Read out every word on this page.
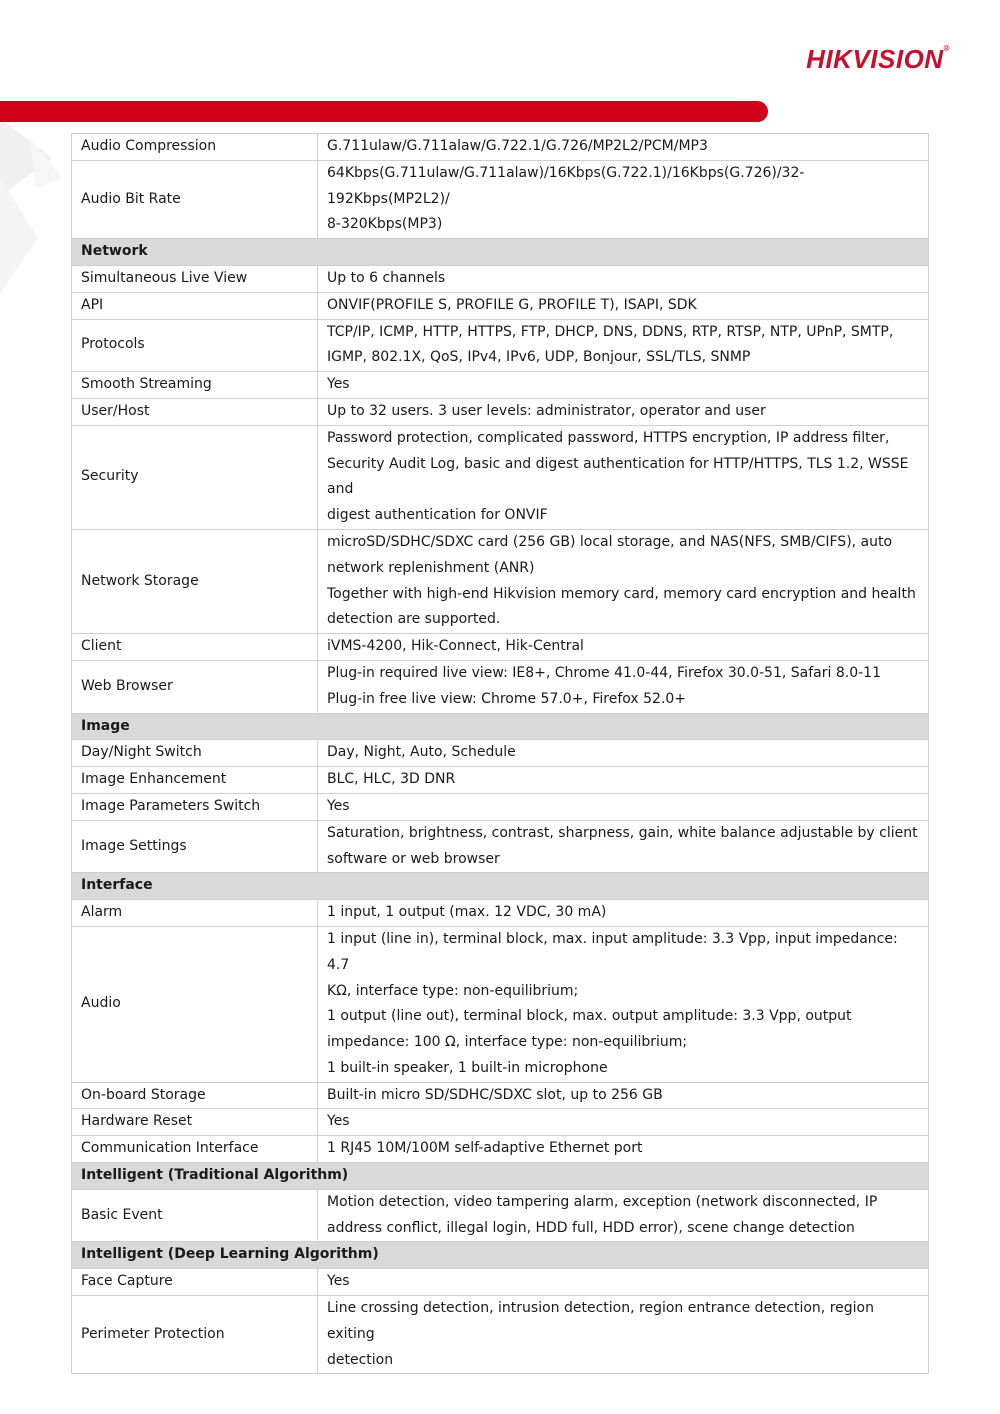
HIKVISION®
Audio Compression	G.711ulaw/G.711alaw/G.722.1/G.726/MP2L2/PCM/MP3

Audio Bit Rate	64Kbps(G.711ulaw/G.711alaw)/16Kbps(G.722.1)/16Kbps(G.726)/32-192Kbps(MP2L2)/
8-320Kbps(MP3)

Network	
Simultaneous Live View	Up to 6 channels

API	ONVIF(PROFILE S, PROFILE G, PROFILE T), ISAPI, SDK

Protocols	TCP/IP, ICMP, HTTP, HTTPS, FTP, DHCP, DNS, DDNS, RTP, RTSP, NTP, UPnP, SMTP,
IGMP, 802.1X, QoS, IPv4, IPv6, UDP, Bonjour, SSL/TLS, SNMP

Smooth Streaming	Yes

User/Host	Up to 32 users. 3 user levels: administrator, operator and user

Security	Password protection, complicated password, HTTPS encryption, IP address filter,
Security Audit Log, basic and digest authentication for HTTP/HTTPS, TLS 1.2, WSSE and
digest authentication for ONVIF

Network Storage	microSD/SDHC/SDXC card (256 GB) local storage, and NAS(NFS, SMB/CIFS), auto
network replenishment (ANR)
Together with high-end Hikvision memory card, memory card encryption and health
detection are supported.

Client	iVMS-4200, Hik-Connect, Hik-Central

Web Browser	Plug-in required live view: IE8+, Chrome 41.0-44, Firefox 30.0-51, Safari 8.0-11
Plug-in free live view: Chrome 57.0+, Firefox 52.0+

Image	
Day/Night Switch	Day, Night, Auto, Schedule

Image Enhancement	BLC, HLC, 3D DNR

Image Parameters Switch	Yes

Image Settings	Saturation, brightness, contrast, sharpness, gain, white balance adjustable by client
software or web browser

Interface	
Alarm	1 input, 1 output (max. 12 VDC, 30 mA)

Audio	1 input (line in), terminal block, max. input amplitude: 3.3 Vpp, input impedance: 4.7
KΩ, interface type: non-equilibrium;
1 output (line out), terminal block, max. output amplitude: 3.3 Vpp, output
impedance: 100 Ω, interface type: non-equilibrium;
1 built-in speaker, 1 built-in microphone

On-board Storage	Built-in micro SD/SDHC/SDXC slot, up to 256 GB

Hardware Reset	Yes

Communication Interface	1 RJ45 10M/100M self-adaptive Ethernet port

Intelligent (Traditional Algorithm)	
Basic Event	Motion detection, video tampering alarm, exception (network disconnected, IP
address conflict, illegal login, HDD full, HDD error), scene change detection

Intelligent (Deep Learning Algorithm)	
Face Capture	Yes

Perimeter Protection	Line crossing detection, intrusion detection, region entrance detection, region exiting
detection
